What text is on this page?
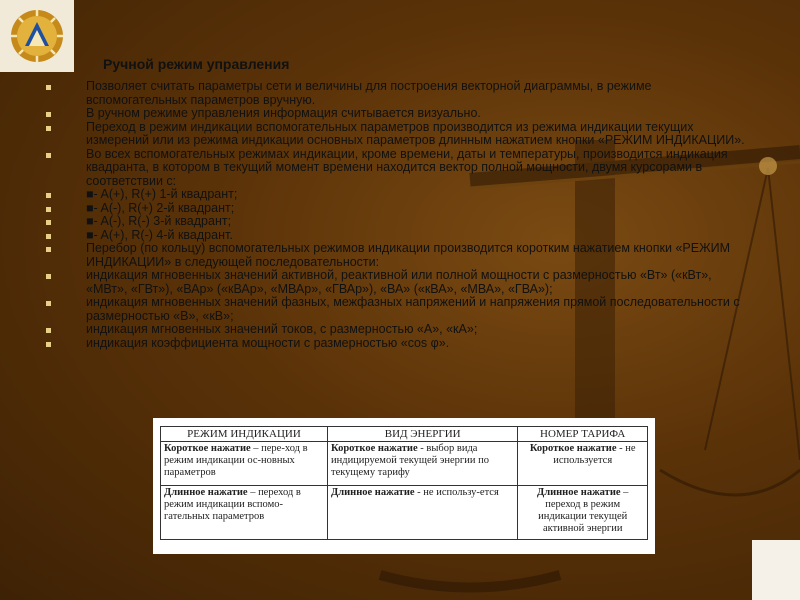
Ручной режим управления
Позволяет считать параметры сети и величины для построения векторной диаграммы, в режиме вспомогательных параметров вручную.
В ручном режиме управления информация считывается визуально.
Переход в режим индикации вспомогательных параметров производится из режима индикации текущих измерений или из режима индикации основных параметров длинным нажатием кнопки «РЕЖИМ ИНДИКАЦИИ».
Во всех вспомогательных режимах индикации, кроме времени, даты и температуры, производится индикация квадранта, в котором в текущий момент времени находится вектор полной мощности, двумя курсорами в соответствии с:
■- A(+), R(+) 1-й квадрант;
■- A(-), R(+) 2-й квадрант;
■- A(-), R(-) 3-й квадрант;
■- A(+), R(-) 4-й квадрант.
Перебор (по кольцу) вспомогательных режимов индикации производится коротким нажатием кнопки «РЕЖИМ ИНДИКАЦИИ» в следующей последовательности:
индикация мгновенных значений активной, реактивной или полной мощности с размерностью «Вт» («кВт», «МВт», «ГВт»), «ВАр» («кВАр», «МВАр», «ГВАр»), «ВА» («кВА», «МВА», «ГВА»);
индикация мгновенных значений фазных, межфазных напряжений и напряжения прямой последовательности с размерностью «В», «кВ»;
индикация мгновенных значений токов, с размерностью «А», «кА»;
индикация коэффициента мощности с размерностью «cos φ».
РЕЖИМ ИНДИКАЦИИ	ВИД ЭНЕРГИИ	НОМЕР ТАРИФА
Короткое нажатие – пере-ход в режим индикации ос-новных параметров	Короткое нажатие - выбор вида индицируемой текущей энергии по текущему тарифу	Короткое нажатие - не используется

Длинное нажатие – переход в режим индикации вспомо-гательных параметров	Длинное нажатие - не использу-ется	Длинное нажатие – переход в режим индикации текущей активной энергии
